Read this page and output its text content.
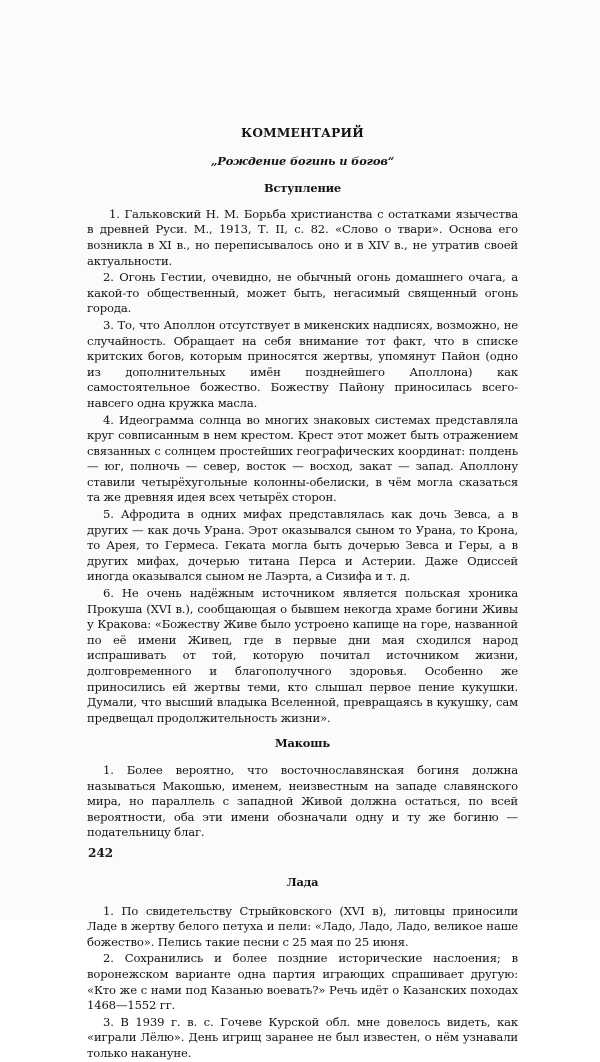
КОММЕНТАРИЙ
„Рождение богинь и богов“
Вступление

1. Гальковский Н. М. Борьба христианства с остатками язычества в древней Руси. М., 1913, Т. II, с. 82. «Слово о твари». Основа его возникла в XI в., но переписывалось оно и в XIV в., не утратив своей актуальности.

2. Огонь Гестии, очевидно, не обычный огонь домашнего очага, а какой-то общественный, может быть, негасимый священный огонь города.

3. То, что Аполлон отсутствует в микенских надписях, возможно, не случайность. Обращает на себя внимание тот факт, что в списке критских богов, которым приносятся жертвы, упомянут Пайон (одно из дополнительных имён позднейшего Аполлона) как самостоятельное божество. Божеству Пайону приносилась всего-навсего одна кружка масла.

4. Идеограмма солнца во многих знаковых системах представляла круг совписанным в нем крестом. Крест этот может быть отражением связанных с солнцем простейших географических координат: полдень — юг, полночь — север, восток — восход, закат — запад. Аполлону ставили четырёхугольные колонны-обелиски, в чём могла сказаться та же древняя идея всех четырёх сторон.

5. Афродита в одних мифах представлялась как дочь Зевса, а в других — как дочь Урана. Эрот оказывался сыном то Урана, то Крона, то Арея, то Гермеса. Геката могла быть дочерью Зевса и Геры, а в других мифах, дочерью титана Перса и Астерии. Даже Одиссей иногда оказывался сыном не Лаэрта, а Сизифа и т. д.

6. Не очень надёжным источником является польская хроника Прокуша (XVI в.), сообщающая о бывшем некогда храме богини Живы у Кракова: «Божеству Живе было устроено капище на горе, названной по её имени Живец, где в первые дни мая сходился народ испрашивать от той, которую почитал источником жизни, долговременного и благополучного здоровья. Особенно же приносились ей жертвы теми, кто слышал первое пение кукушки. Думали, что высший владыка Вселенной, превращаясь в кукушку, сам предвещал продолжительность жизни».

Макошь

1. Более вероятно, что восточнославянская богиня должна называться Макошью, именем, неизвестным на западе славянского мира, но параллель с западной Живой должна остаться, по всей вероятности, оба эти имени обозначали одну и ту же богиню — подательницу благ.

Лада

1. По свидетельству Стрыйковского (XVI в), литовцы приносили Ладе в жертву белого петуха и пели: «Ладо, Ладо, Ладо, великое наше божество». Пелись такие песни с 25 мая по 25 июня.

2. Сохранились и более поздние исторические наслоения; в воронежском варианте одна партия играющих спрашивает другую: «Кто же с нами под Казанью воевать?» Речь идёт о Казанских походах 1468—1552 гг.

3. В 1939 г. в. с. Гочеве Курской обл. мне довелось видеть, как «играли Лёлю». День игрищ заранее не был известен, о нём узнавали только накануне.

242
